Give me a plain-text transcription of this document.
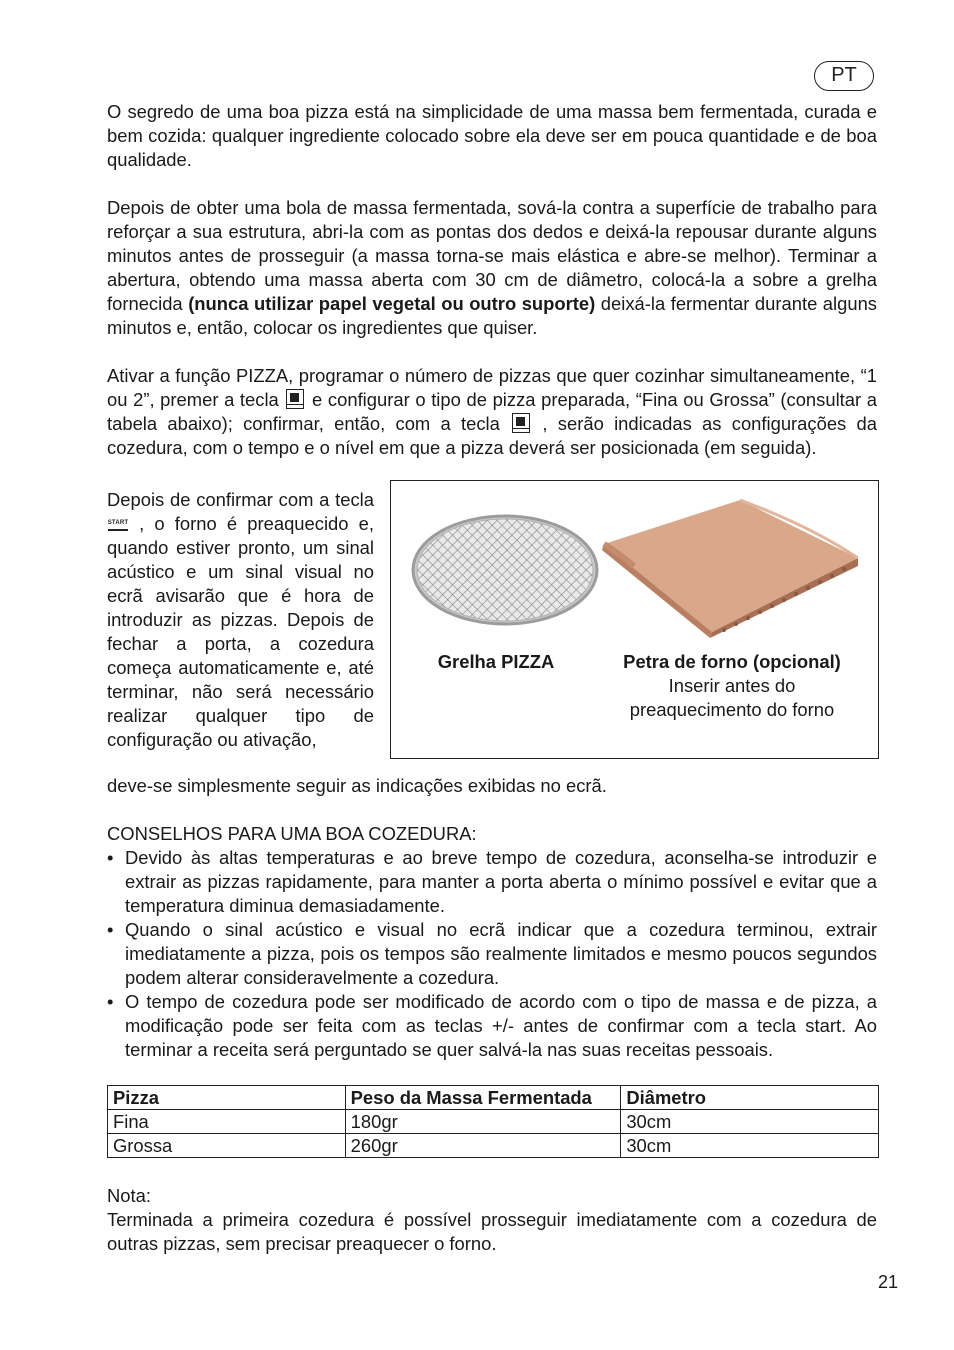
PT

O segredo de uma boa pizza está na simplicidade de uma massa bem fermentada, curada e bem cozida: qualquer ingrediente colocado sobre ela deve ser em pouca quantidade e de boa qualidade.

Depois de obter uma bola de massa fermentada, sová-la contra a superfície de trabalho para reforçar a sua estrutura, abri-la com as pontas dos dedos e deixá-la repousar durante alguns minutos antes de prosseguir (a massa torna-se mais elástica e abre-se melhor). Terminar a abertura, obtendo uma massa aberta com 30 cm de diâmetro, colocá-la a sobre a grelha fornecida (nunca utilizar papel vegetal ou outro suporte) deixá-la fermentar durante alguns minutos e, então, colocar os ingredientes que quiser.

Ativar a função PIZZA, programar o número de pizzas que quer cozinhar simultaneamente, “1 ou 2”, premer a tecla  e configurar o tipo de pizza preparada, “Fina ou Grossa” (consultar a tabela abaixo); confirmar, então, com a tecla  , serão indicadas as configurações da cozedura, com o tempo e o nível em que a pizza deverá ser posicionada (em seguida).

Depois de confirmar com a tecla START , o forno é preaquecido e, quando estiver pronto, um sinal acústico e um sinal visual no ecrã avisarão que é hora de introduzir as pizzas. Depois de fechar a porta, a cozedura começa automaticamente e, até terminar, não será necessário realizar qualquer tipo de configuração ou ativação,

Grelha PIZZA	Petra de forno (opcional)
Inserir antes do preaquecimento do forno

deve-se simplesmente seguir as indicações exibidas no ecrã.

CONSELHOS PARA UMA BOA COZEDURA:

• Devido às altas temperaturas e ao breve tempo de cozedura, aconselha-se introduzir e extrair as pizzas rapidamente, para manter a porta aberta o mínimo possível e evitar que a temperatura diminua demasiadamente.
• Quando o sinal acústico e visual no ecrã indicar que a cozedura terminou, extrair imediatamente a pizza, pois os tempos são realmente limitados e mesmo poucos segundos podem alterar consideravelmente a cozedura.
• O tempo de cozedura pode ser modificado de acordo com o tipo de massa e de pizza, a modificação pode ser feita com as teclas +/- antes de confirmar com a tecla start. Ao terminar a receita será perguntado se quer salvá-la nas suas receitas pessoais.
Pizza	Peso da Massa Fermentada	Diâmetro
Fina	180gr	30cm
Grossa	260gr	30cm
Nota:
Terminada a primeira cozedura é possível prosseguir imediatamente com a cozedura de outras pizzas, sem precisar preaquecer o forno.
21
